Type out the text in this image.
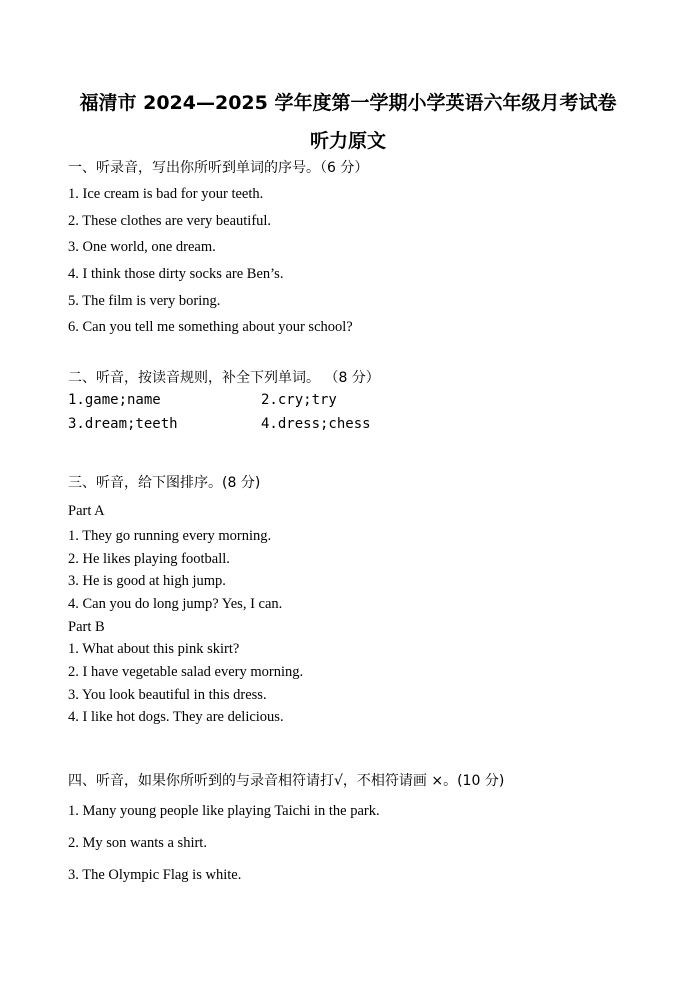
福清市 2024—2025 学年度第一学期小学英语六年级月考试卷
听力原文
一、听录音，写出你所听到单词的序号。（6 分）
1. Ice cream is bad for your teeth.
2. These clothes are very beautiful.
3. One world, one dream.
4. I think those dirty socks are Ben’s.
5. The film is very boring.
6. Can you tell me something about your school?
二、听音，按读音规则，补全下列单词。 （8 分）
1.game;name	2.cry;try
3.dream;teeth	4.dress;chess
三、听音，给下图排序。(8 分)
Part A
1. They go running every morning.
2. He likes playing football.
3. He is good at high jump.
4. Can you do long jump? Yes, I can.
Part B
1. What about this pink skirt?
2. I have vegetable salad every morning.
3. You look beautiful in this dress.
4. I like hot dogs. They are delicious.
四、听音，如果你所听到的与录音相符请打√，不相符请画 ×。(10 分)
1. Many young people like playing Taichi in the park.
2. My son wants a shirt.
3. The Olympic Flag is white.
